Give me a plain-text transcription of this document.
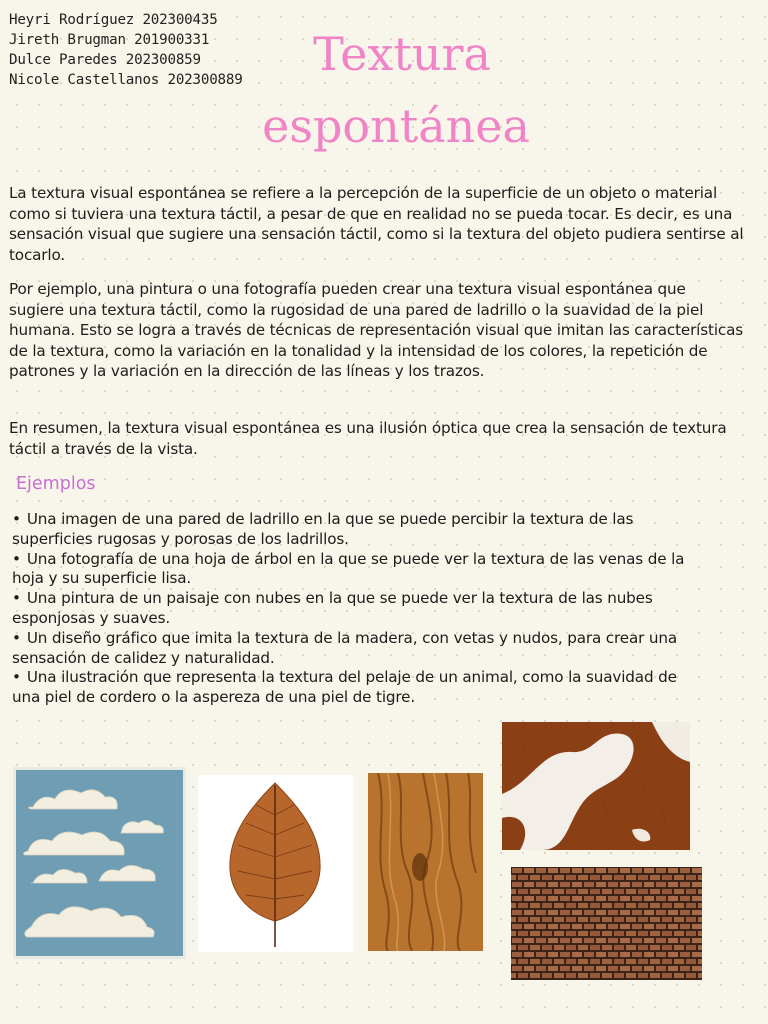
Heyri Rodríguez 202300435
Jireth Brugman 201900331
Dulce Paredes 202300859
Nicole Castellanos 202300889	Textura
espontánea
La textura visual espontánea se refiere a la percepción de la superficie de un objeto o material como si tuviera una textura táctil, a pesar de que en realidad no se pueda tocar. Es decir, es una sensación visual que sugiere una sensación táctil, como si la textura del objeto pudiera sentirse al tocarlo.
Por ejemplo, una pintura o una fotografía pueden crear una textura visual espontánea que sugiere una textura táctil, como la rugosidad de una pared de ladrillo o la suavidad de la piel humana. Esto se logra a través de técnicas de representación visual que imitan las características de la textura, como la variación en la tonalidad y la intensidad de los colores, la repetición de patrones y la variación en la dirección de las líneas y los trazos.
En resumen, la textura visual espontánea es una ilusión óptica que crea la sensación de textura táctil a través de la vista.
Ejemplos

• Una imagen de una pared de ladrillo en la que se puede percibir la textura de las superficies rugosas y porosas de los ladrillos.

• Una fotografía de una hoja de árbol en la que se puede ver la textura de las venas de la hoja y su superficie lisa.

• Una pintura de un paisaje con nubes en la que se puede ver la textura de las nubes esponjosas y suaves.

• Un diseño gráfico que imita la textura de la madera, con vetas y nudos, para crear una sensación de calidez y naturalidad.

• Una ilustración que representa la textura del pelaje de un animal, como la suavidad de una piel de cordero o la aspereza de una piel de tigre.
